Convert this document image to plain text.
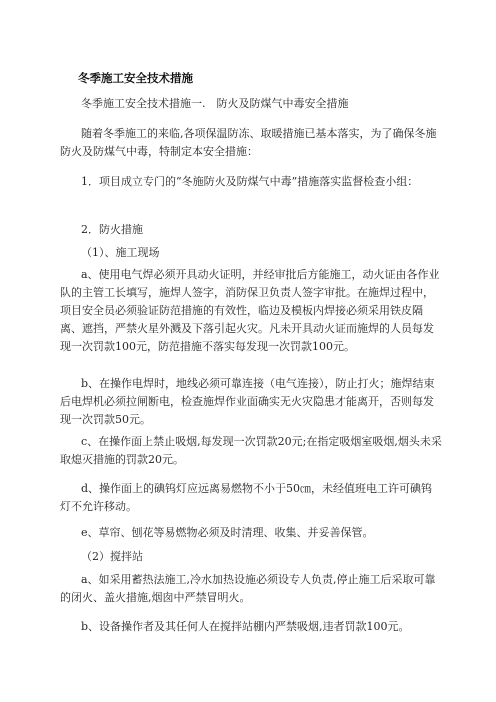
冬季施工安全技术措施

冬季施工安全技术措施一.　防火及防煤气中毒安全措施

随着冬季施工的来临,各项保温防冻、取暖措施已基本落实，为了确保冬施防火及防煤气中毒，特制定本安全措施：

1．项目成立专门的“冬施防火及防煤气中毒”措施落实监督检查小组：

2．防火措施

（1）、施工现场

a、使用电气焊必须开具动火证明，并经审批后方能施工，动火证由各作业队的主管工长填写，施焊人签字，消防保卫负责人签字审批。在施焊过程中，项目安全员必须验证防范措施的有效性，临边及模板内焊接必须采用铁皮隔离、遮挡，严禁火星外溅及下落引起火灾。凡未开具动火证而施焊的人员每发现一次罚款100元，防范措施不落实每发现一次罚款100元。

b、在操作电焊时，地线必须可靠连接（电气连接），防止打火；施焊结束后电焊机必须拉闸断电，检查施焊作业面确实无火灾隐患才能离开，否则每发现一次罚款50元。

c、在操作面上禁止吸烟,每发现一次罚款20元;在指定吸烟室吸烟,烟头未采取熄灭措施的罚款20元。

d、操作面上的碘钨灯应远离易燃物不小于50㎝，未经值班电工许可碘钨灯不允许移动。

e、草帘、刨花等易燃物必须及时清理、收集、并妥善保管。

（2）搅拌站

a、如采用蓄热法施工,冷水加热设施必须设专人负责,停止施工后采取可靠的闭火、盖火措施,烟囱中严禁冒明火。

b、设备操作者及其任何人在搅拌站棚内严禁吸烟,违者罚款100元。
